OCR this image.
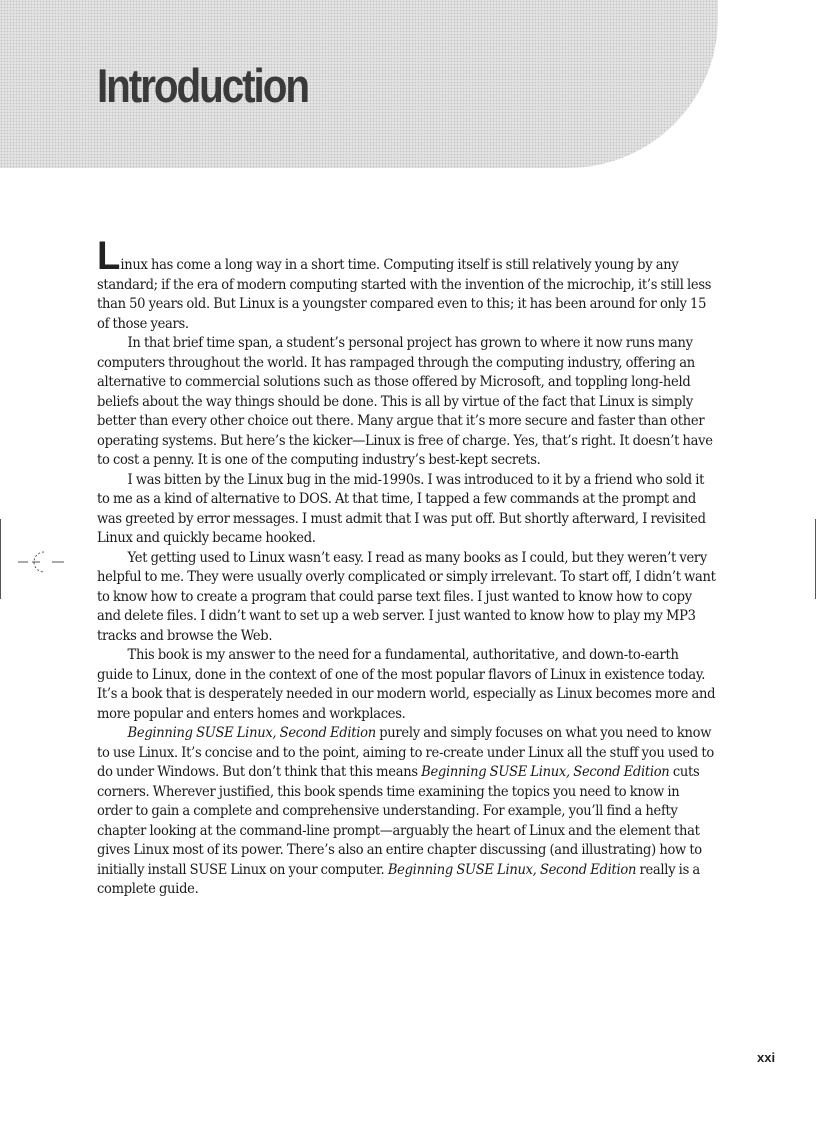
Introduction

Linux has come a long way in a short time. Computing itself is still relatively young by any standard; if the era of modern computing started with the invention of the microchip, it’s still less than 50 years old. But Linux is a youngster compared even to this; it has been around for only 15 of those years.

In that brief time span, a student’s personal project has grown to where it now runs many computers throughout the world. It has rampaged through the computing industry, offering an alternative to commercial solutions such as those offered by Microsoft, and toppling long-held beliefs about the way things should be done. This is all by virtue of the fact that Linux is simply better than every other choice out there. Many argue that it’s more secure and faster than other operating systems. But here’s the kicker—Linux is free of charge. Yes, that’s right. It doesn’t have to cost a penny. It is one of the computing industry’s best-kept secrets.

I was bitten by the Linux bug in the mid-1990s. I was introduced to it by a friend who sold it to me as a kind of alternative to DOS. At that time, I tapped a few commands at the prompt and was greeted by error messages. I must admit that I was put off. But shortly afterward, I revisited Linux and quickly became hooked.

Yet getting used to Linux wasn’t easy. I read as many books as I could, but they weren’t very helpful to me. They were usually overly complicated or simply irrelevant. To start off, I didn’t want to know how to create a program that could parse text files. I just wanted to know how to copy and delete files. I didn’t want to set up a web server. I just wanted to know how to play my MP3 tracks and browse the Web.

This book is my answer to the need for a fundamental, authoritative, and down-to-earth guide to Linux, done in the context of one of the most popular flavors of Linux in existence today. It’s a book that is desperately needed in our modern world, especially as Linux becomes more and more popular and enters homes and workplaces.

Beginning SUSE Linux, Second Edition purely and simply focuses on what you need to know to use Linux. It’s concise and to the point, aiming to re-create under Linux all the stuff you used to do under Windows. But don’t think that this means Beginning SUSE Linux, Second Edition cuts corners. Wherever justified, this book spends time examining the topics you need to know in order to gain a complete and comprehensive understanding. For example, you’ll find a hefty chapter looking at the command-line prompt—arguably the heart of Linux and the element that gives Linux most of its power. There’s also an entire chapter discussing (and illustrating) how to initially install SUSE Linux on your computer. Beginning SUSE Linux, Second Edition really is a complete guide.

xxi
